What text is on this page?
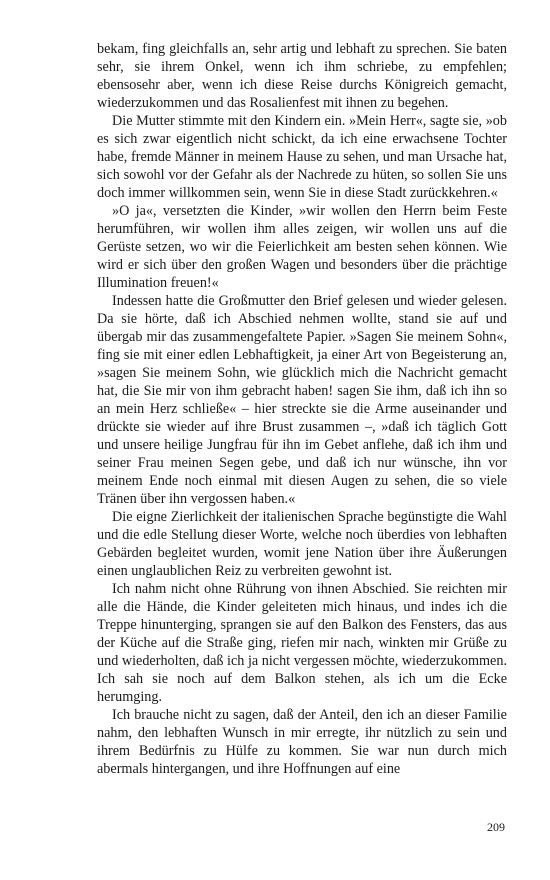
bekam, fing gleichfalls an, sehr artig und lebhaft zu sprechen. Sie baten sehr, sie ihrem Onkel, wenn ich ihm schriebe, zu empfehlen; ebensosehr aber, wenn ich diese Reise durchs Königreich gemacht, wiederzukommen und das Rosalienfest mit ihnen zu begehen.

Die Mutter stimmte mit den Kindern ein. »Mein Herr«, sagte sie, »ob es sich zwar eigentlich nicht schickt, da ich eine erwachsene Tochter habe, fremde Männer in meinem Hause zu sehen, und man Ursache hat, sich sowohl vor der Gefahr als der Nachrede zu hüten, so sollen Sie uns doch immer willkommen sein, wenn Sie in diese Stadt zurückkehren.«

»O ja«, versetzten die Kinder, »wir wollen den Herrn beim Feste herumführen, wir wollen ihm alles zeigen, wir wollen uns auf die Gerüste setzen, wo wir die Feierlichkeit am besten sehen können. Wie wird er sich über den großen Wagen und besonders über die prächtige Illumination freuen!«

Indessen hatte die Großmutter den Brief gelesen und wieder gelesen. Da sie hörte, daß ich Abschied nehmen wollte, stand sie auf und übergab mir das zusammengefaltete Papier. »Sagen Sie meinem Sohn«, fing sie mit einer edlen Lebhaftigkeit, ja einer Art von Begeisterung an, »sagen Sie meinem Sohn, wie glücklich mich die Nachricht gemacht hat, die Sie mir von ihm gebracht haben! sagen Sie ihm, daß ich ihn so an mein Herz schließe« – hier streckte sie die Arme auseinander und drückte sie wieder auf ihre Brust zusammen –, »daß ich täglich Gott und unsere heilige Jungfrau für ihn im Gebet anflehe, daß ich ihm und seiner Frau meinen Segen gebe, und daß ich nur wünsche, ihn vor meinem Ende noch einmal mit diesen Augen zu sehen, die so viele Tränen über ihn vergossen haben.«

Die eigne Zierlichkeit der italienischen Sprache begünstigte die Wahl und die edle Stellung dieser Worte, welche noch überdies von lebhaften Gebärden begleitet wurden, womit jene Nation über ihre Äußerungen einen unglaublichen Reiz zu verbreiten gewohnt ist.

Ich nahm nicht ohne Rührung von ihnen Abschied. Sie reichten mir alle die Hände, die Kinder geleiteten mich hinaus, und indes ich die Treppe hinunterging, sprangen sie auf den Balkon des Fensters, das aus der Küche auf die Straße ging, riefen mir nach, winkten mir Grüße zu und wiederholten, daß ich ja nicht vergessen möchte, wiederzukommen. Ich sah sie noch auf dem Balkon stehen, als ich um die Ecke herumging.

Ich brauche nicht zu sagen, daß der Anteil, den ich an dieser Familie nahm, den lebhaften Wunsch in mir erregte, ihr nützlich zu sein und ihrem Bedürfnis zu Hülfe zu kommen. Sie war nun durch mich abermals hintergangen, und ihre Hoffnungen auf eine

209
